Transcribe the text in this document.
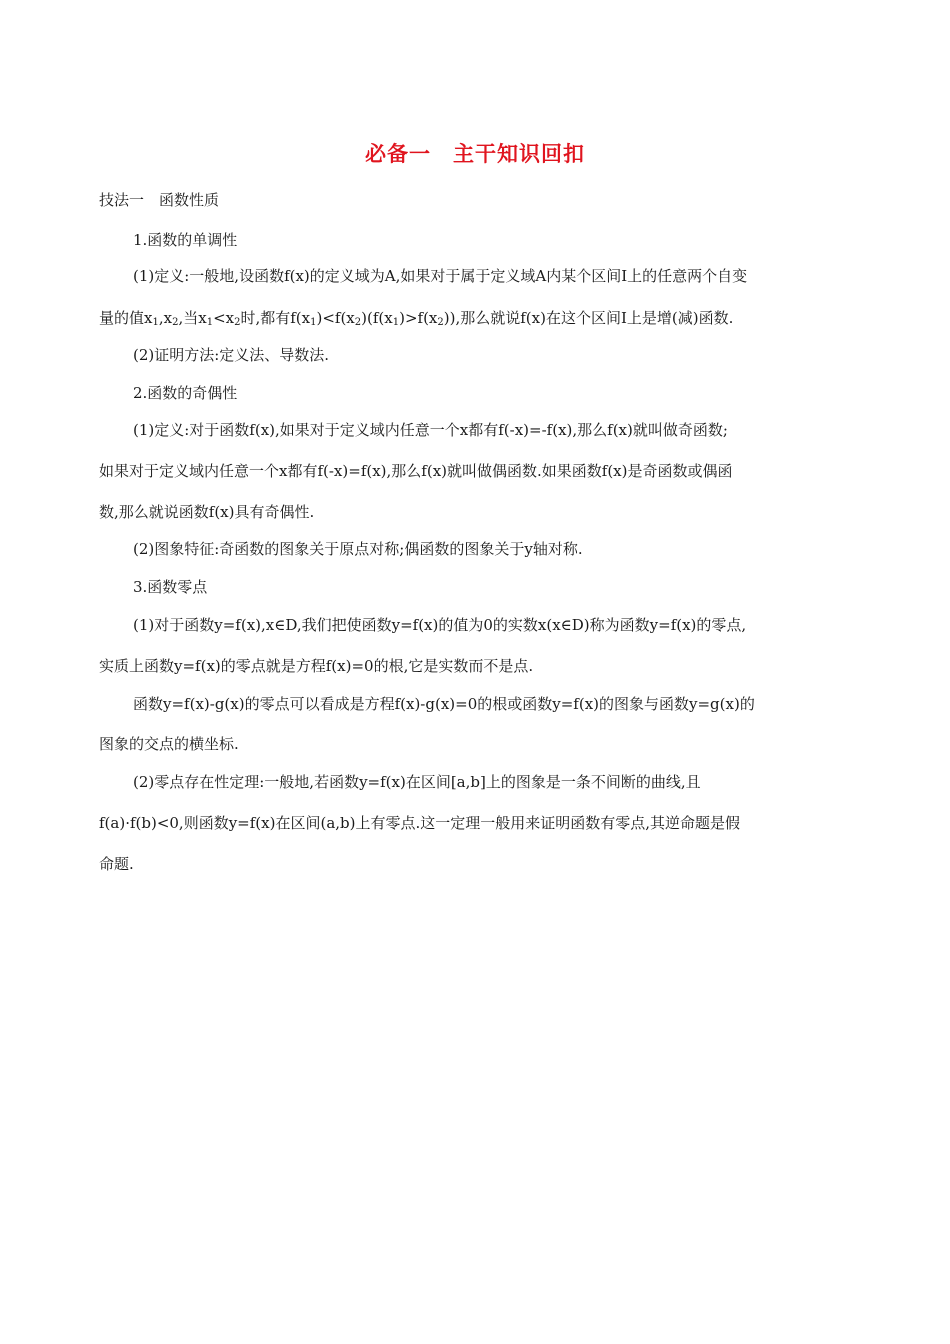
必备一　主干知识回扣
技法一　函数性质
1.函数的单调性
(1)定义:一般地,设函数f(x)的定义域为A,如果对于属于定义域A内某个区间I上的任意两个自变
量的值$x_1,x_2$,当$x_1<x_2$时,都有$f(x_1)<f(x_2)(f(x_1)>f(x_2))$,那么就说f(x)在这个区间I上是增(减)函数.
(2)证明方法:定义法、导数法.
2.函数的奇偶性
(1)定义:对于函数f(x),如果对于定义域内任意一个x都有f(-x)=-f(x),那么f(x)就叫做奇函数;
如果对于定义域内任意一个x都有f(-x)=f(x),那么f(x)就叫做偶函数.如果函数f(x)是奇函数或偶函
数,那么就说函数f(x)具有奇偶性.
(2)图象特征:奇函数的图象关于原点对称;偶函数的图象关于y轴对称.
3.函数零点
(1)对于函数y=f(x),x∈D,我们把使函数y=f(x)的值为0的实数x(x∈D)称为函数y=f(x)的零点,
实质上函数y=f(x)的零点就是方程f(x)=0的根,它是实数而不是点.
函数y=f(x)-g(x)的零点可以看成是方程f(x)-g(x)=0的根或函数y=f(x)的图象与函数y=g(x)的
图象的交点的横坐标.
(2)零点存在性定理:一般地,若函数y=f(x)在区间[a,b]上的图象是一条不间断的曲线,且
f(a)·f(b)<0,则函数y=f(x)在区间(a,b)上有零点.这一定理一般用来证明函数有零点,其逆命题是假
命题.
